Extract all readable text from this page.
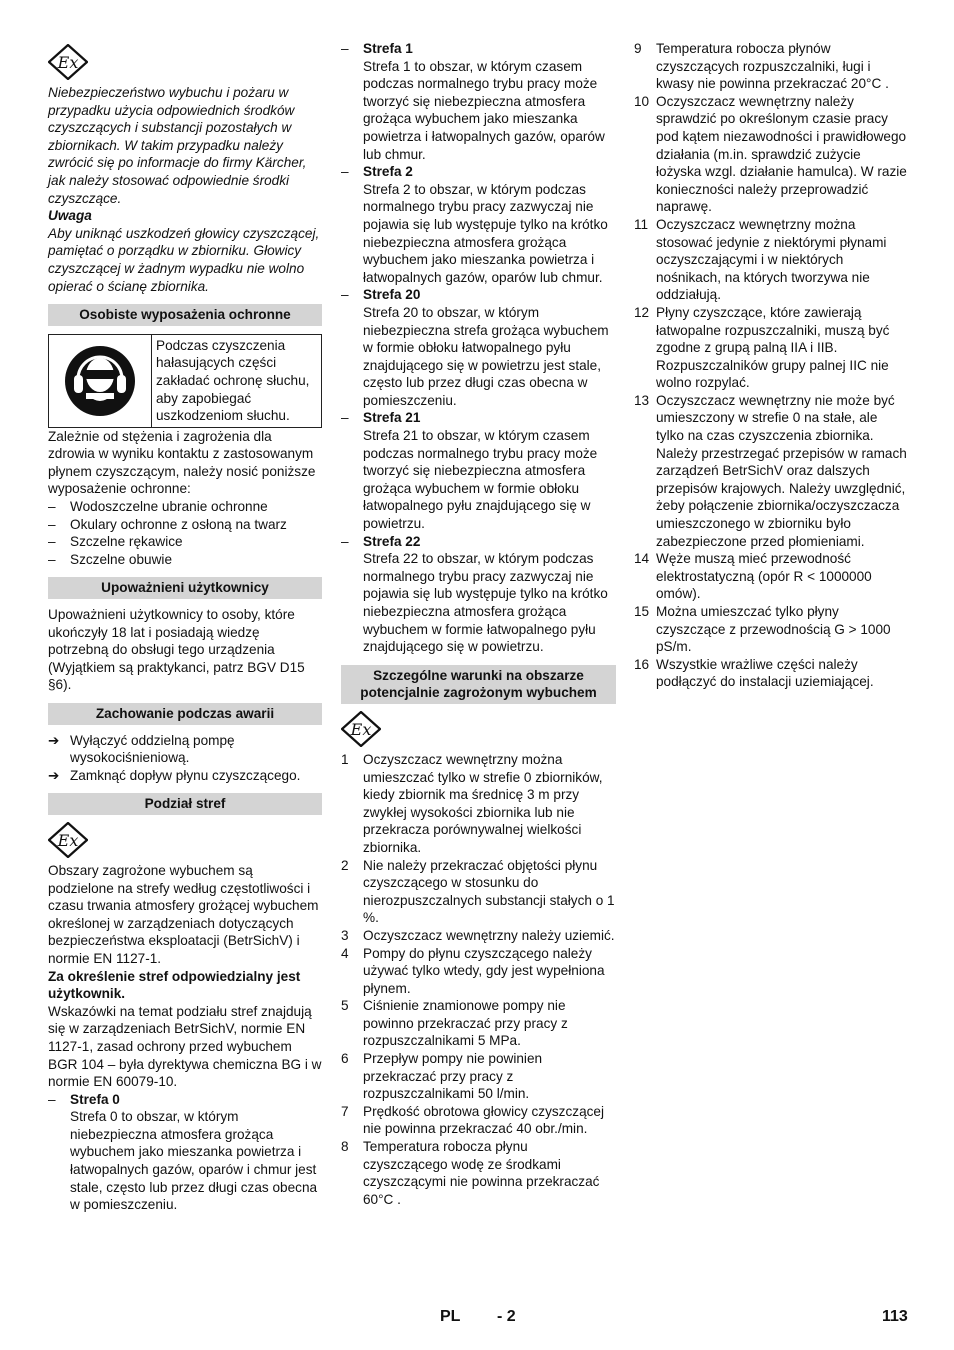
Ex

Niebezpieczeństwo wybuchu i pożaru w przypadku użycia odpowiednich środków czyszczących i substancji pozostałych w zbiornikach. W takim przypadku należy zwrócić się po informacje do firmy Kärcher, jak należy stosować odpowiednie środki czyszczące.

Uwaga

Aby uniknąć uszkodzeń głowicy czyszczącej, pamiętać o porządku w zbiorniku. Głowicy czyszczącej w żadnym wypadku nie wolno opierać o ścianę zbiornika.

Osobiste wyposażenia ochronne
Podczas czyszczenia hałasujących części zakładać ochronę słuchu, aby zapobiegać uszkodzeniom słuchu.

Zależnie od stężenia i zagrożenia dla zdrowia w wyniku kontaktu z zastosowanym płynem czyszczącym, należy nosić poniższe wyposażenie ochronne:

– Wodoszczelne ubranie ochronne
– Okulary ochronne z osłoną na twarz
– Szczelne rękawice
– Szczelne obuwie
Upoważnieni użytkownicy

Upoważnieni użytkownicy to osoby, które ukończyły 18 lat i posiadają wiedzę potrzebną do obsługi tego urządzenia (Wyjątkiem są praktykanci, patrz BGV D15 §6).

Zachowanie podczas awarii
➔ Wyłączyć oddzielną pompę wysokociśnieniową.
➔ Zamknąć dopływ płynu czyszczącego.
Podział stref
Ex

Obszary zagrożone wybuchem są podzielone na strefy według częstotliwości i czasu trwania atmosfery grożącej wybuchem określonej w zarządzeniach dotyczących bezpieczeństwa eksploatacji (BetrSichV) i normie EN 1127-1.

Za określenie stref odpowiedzialny jest użytkownik.

Wskazówki na temat podziału stref znajdują się w zarządzeniach BetrSichV, normie EN 1127-1, zasad ochrony przed wybuchem BGR 104 – była dyrektywa chemiczna BG i w normie EN 60079-10.

– Strefa 0

Strefa 0 to obszar, w którym niebezpieczna atmosfera grożąca wybuchem jako mieszanka powietrza i łatwopalnych gazów, oparów i chmur jest stale, często lub przez długi czas obecna w pomieszczeniu.

– Strefa 1

Strefa 1 to obszar, w którym czasem podczas normalnego trybu pracy może tworzyć się niebezpieczna atmosfera grożąca wybuchem jako mieszanka powietrza i łatwopalnych gazów, oparów lub chmur.

– Strefa 2

Strefa 2 to obszar, w którym podczas normalnego trybu pracy zazwyczaj nie pojawia się lub występuje tylko na krótko niebezpieczna atmosfera grożąca wybuchem jako mieszanka powietrza i łatwopalnych gazów, oparów lub chmur.

– Strefa 20

Strefa 20 to obszar, w którym niebezpieczna strefa grożąca wybuchem w formie obłoku łatwopalnego pyłu znajdującego się w powietrzu jest stale, często lub przez długi czas obecna w pomieszczeniu.

– Strefa 21

Strefa 21 to obszar, w którym czasem podczas normalnego trybu pracy może tworzyć się niebezpieczna atmosfera grożąca wybuchem w formie obłoku łatwopalnego pyłu znajdującego się w powietrzu.

– Strefa 22

Strefa 22 to obszar, w którym podczas normalnego trybu pracy zazwyczaj nie pojawia się lub występuje tylko na krótko niebezpieczna atmosfera grożąca wybuchem w formie łatwopalnego pyłu znajdującego się w powietrzu.

Szczególne warunki na obszarze potencjalnie zagrożonym wybuchem
Ex
1 Oczyszczacz wewnętrzny można umieszczać tylko w strefie 0 zbiorników, kiedy zbiornik ma średnicę 3 m przy zwykłej wysokości zbiornika lub nie przekracza porównywalnej wielkości zbiornika.

2 Nie należy przekraczać objętości płynu czyszczącego w stosunku do nierozpuszczalnych substancji stałych o 1 %.

3 Oczyszczacz wewnętrzny należy uziemić.

4 Pompy do płynu czyszczącego należy używać tylko wtedy, gdy jest wypełniona płynem.

5 Ciśnienie znamionowe pompy nie powinno przekraczać przy pracy z rozpuszczalnikami 5 MPa.

6 Przepływ pompy nie powinien przekraczać przy pracy z rozpuszczalnikami 50 l/min.

7 Prędkość obrotowa głowicy czyszczącej nie powinna przekraczać 40 obr./min.

8 Temperatura robocza płynu czyszczącego wodę ze środkami czyszczącymi nie powinna przekraczać 60°C .

9 Temperatura robocza płynów czyszczących rozpuszczalniki, ługi i kwasy nie powinna przekraczać 20°C .

10 Oczyszczacz wewnętrzny należy sprawdzić po określonym czasie pracy pod kątem niezawodności i prawidłowego działania (m.in. sprawdzić zużycie łożyska wzgl. działanie hamulca). W razie konieczności należy przeprowadzić naprawę.

11 Oczyszczacz wewnętrzny można stosować jedynie z niektórymi płynami oczyszczającymi i w niektórych nośnikach, na których tworzywa nie oddziałują.

12 Płyny czyszczące, które zawierają łatwopalne rozpuszczalniki, muszą być zgodne z grupą palną IIA i IIB. Rozpuszczalników grupy palnej IIC nie wolno rozpylać.

13 Oczyszczacz wewnętrzny nie może być umieszczony w strefie 0 na stałe, ale tylko na czas czyszczenia zbiornika. Należy przestrzegać przepisów w ramach zarządzeń BetrSichV oraz dalszych przepisów krajowych. Należy uwzględnić, żeby połączenie zbiornika/oczyszczacza umieszczonego w zbiorniku było zabezpieczone przed płomieniami.

14 Węże muszą mieć przewodność elektrostatyczną (opór R < 1000000 omów).

15 Można umieszczać tylko płyny czyszczące z przewodnością G > 1000 pS/m.

16 Wszystkie wrażliwe części należy podłączyć do instalacji uziemiającej.

PL - 2	113
